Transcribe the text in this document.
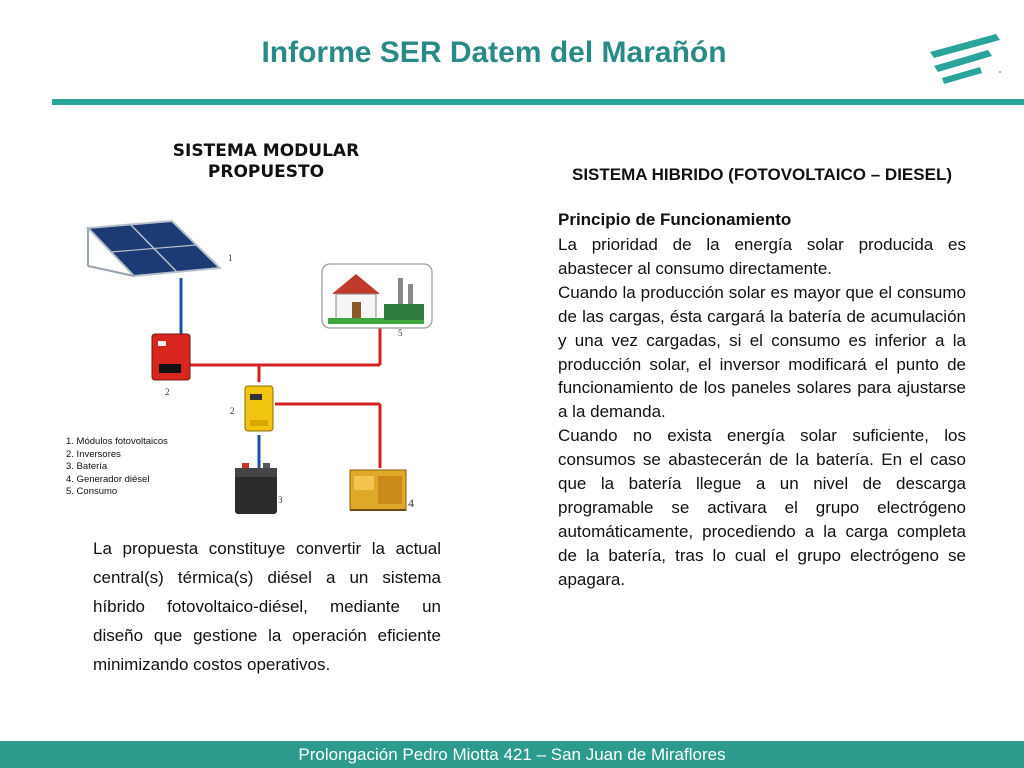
Informe SER Datem del Marañón
SISTEMA MODULAR
PROPUESTO
1
2
2
3	4
5
1. Módulos fotovoltaicos
2. Inversores
3. Batería
4. Generador diésel
5. Consumo
La propuesta constituye convertir la actual central(s) térmica(s) diésel a un sistema híbrido fotovoltaico-diésel, mediante un diseño que gestione la operación eficiente minimizando costos operativos.
SISTEMA HIBRIDO (FOTOVOLTAICO – DIESEL)
Principio de Funcionamiento

La prioridad de la energía solar producida es abastecer al consumo directamente.

Cuando la producción solar es mayor que el consumo de las cargas, ésta cargará la batería de acumulación y una vez cargadas, si el consumo es inferior a la producción solar, el inversor modificará el punto de funcionamiento de los paneles solares para ajustarse a la demanda.

Cuando no exista energía solar suficiente, los consumos se abastecerán de la batería. En el caso que la batería llegue a un nivel de descarga programable se activara el grupo electrógeno automáticamente, procediendo a la carga completa de la batería, tras lo cual el grupo electrógeno se apagara.

Prolongación Pedro Miotta 421 – San Juan de Miraflores
